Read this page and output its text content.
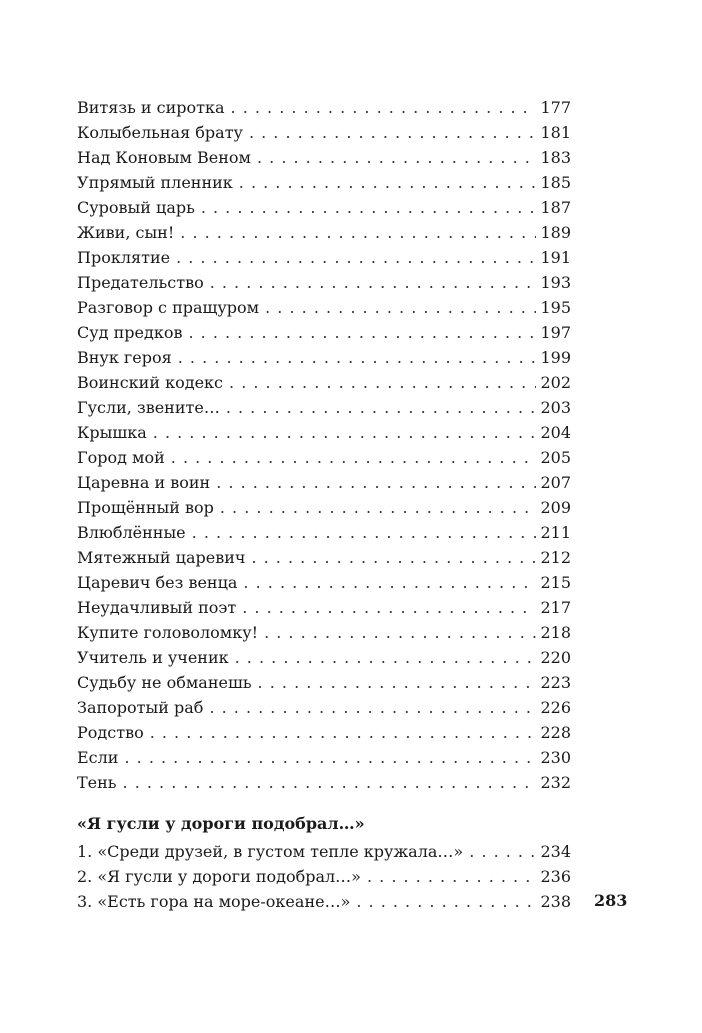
Витязь и сиротка . . .	177
Колыбельная брату . . .	181
Над Коновым Веном . . .	183
Упрямый пленник . . .	185
Суровый царь . . .	187
Живи, сын! . . .	189
Проклятие . . .	191
Предательство . . .	193
Разговор с пращуром . . .	195
Суд предков . . .	197
Внук героя . . .	199
Воинский кодекс . . .	202
Гусли, звените… . . .	203
Крышка . . .	204
Город мой . . .	205
Царевна и воин . . .	207
Прощённый вор . . .	209
Влюблённые . . .	211
Мятежный царевич . . .	212
Царевич без венца . . .	215
Неудачливый поэт . . .	217
Купите головоломку! . . .	218
Учитель и ученик . . .	220
Судьбу не обманешь . . .	223
Запоротый раб . . .	226
Родство . . .	228
Если . . .	230
Тень . . .	232
«Я гусли у дороги подобрал…»
1. «Среди друзей, в густом тепле кружала…» . . .	234
2. «Я гусли у дороги подобрал…» . . .	236
3. «Есть гора на море-океане…» . . .	238 283
